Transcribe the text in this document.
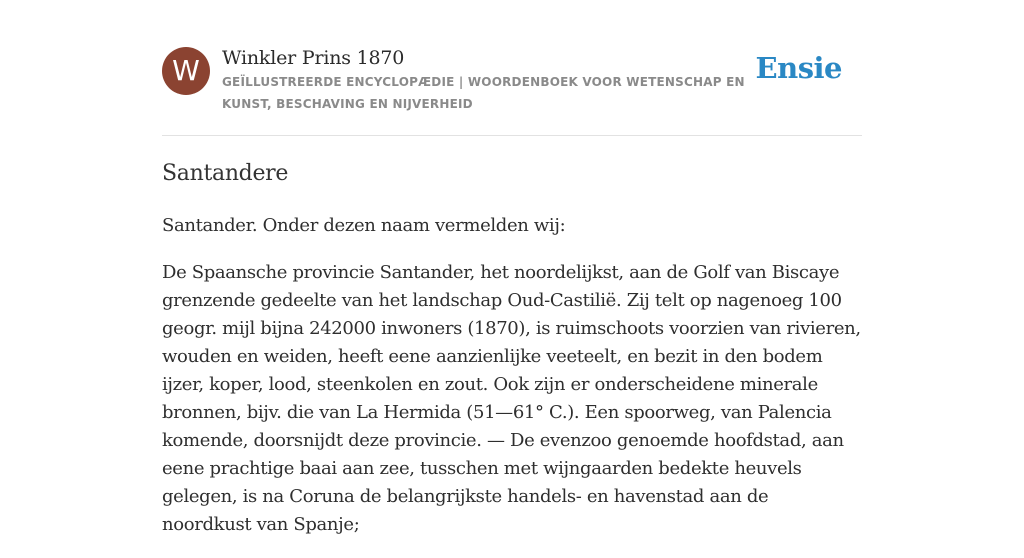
W	Winkler Prins 1870
GEÏLLUSTREERDE ENCYCLOPÆDIE | WOORDENBOEK VOOR WETENSCHAP EN KUNST, BESCHAVING EN NIJVERHEID
Ensie
Santandere

Santander. Onder dezen naam vermelden wij:

De Spaansche provincie Santander, het noordelijkst, aan de Golf van Biscaye grenzende gedeelte van het landschap Oud-Castilië. Zij telt op nagenoeg 100 geogr. mijl bijna 242000 inwoners (1870), is ruimschoots voorzien van rivieren, wouden en weiden, heeft eene aanzienlijke veeteelt, en bezit in den bodem ijzer, koper, lood, steenkolen en zout. Ook zijn er onderscheidene minerale bronnen, bijv. die van La Hermida (51—61° C.). Een spoorweg, van Palencia komende, doorsnijdt deze provincie. — De evenzoo genoemde hoofdstad, aan eene prachtige baai aan zee, tusschen met wijngaarden bedekte heuvels gelegen, is na Coruna de belangrijkste handels- en havenstad aan de noordkust van Spanje;
